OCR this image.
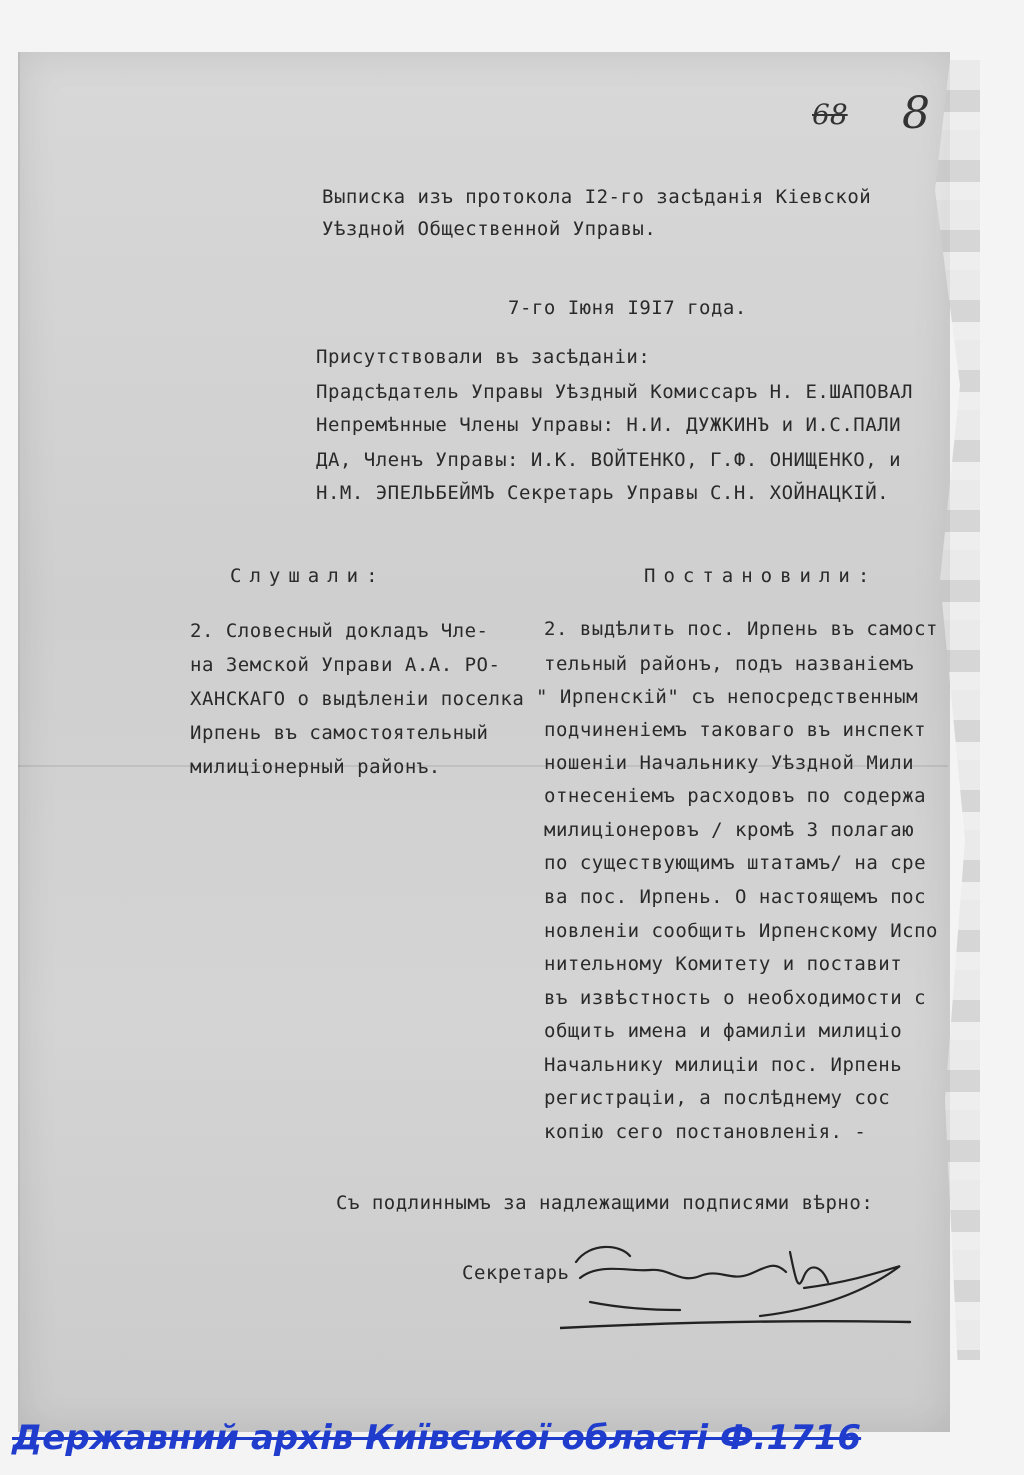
68 8

Выписка изъ протокола I2-го засѣданія Кіевской

Уѣздной Общественной Управы.

7-го Іюня I9I7 года.

Присутствовали въ засѣданіи:

Прадсѣдатель Управы Уѣздный Комиссаръ Н. Е.ШАПОВАЛ

Непремѣнные Члены Управы: Н.И. ДУЖКИНЪ и И.С.ПАЛИ

ДА, Членъ Управы: И.К. ВОЙТЕНКО, Г.Ф. ОНИЩЕНКО, и

Н.М. ЭПЕЛЬБЕЙМЪ Секретарь Управы С.Н. ХОЙНАЦКІЙ.

Слушали:	Постановили:

2. Словесный докладъ Чле-

на Земской Управи А.А. РО-

ХАНСКАГО о выдѣленіи поселка

Ирпень въ самостоятельный

милиціонерный районъ.

2. выдѣлить пос. Ирпень въ самост

тельный районъ, подъ названіемъ

" Ирпенскій" съ непосредственным

подчиненіемъ таковаго въ инспект

ношеніи Начальнику Уѣздной Мили

отнесеніемъ расходовъ по содержа

милиціонеровъ / кромѣ 3 полагаю

по существующимъ штатамъ/ на сре

ва пос. Ирпень. О настоящемъ пос

новленіи сообщить Ирпенскому Испо

нительному Комитету и поставит

въ извѣстность о необходимости с

общить имена и фамиліи милиціо

Начальнику милиціи пос. Ирпень

регистраціи, а послѣднему сос

копію сего постановленія. -

Съ подлиннымъ за надлежащими подписями вѣрно:

Секретарь

Державний архів Київської області Ф.1716
